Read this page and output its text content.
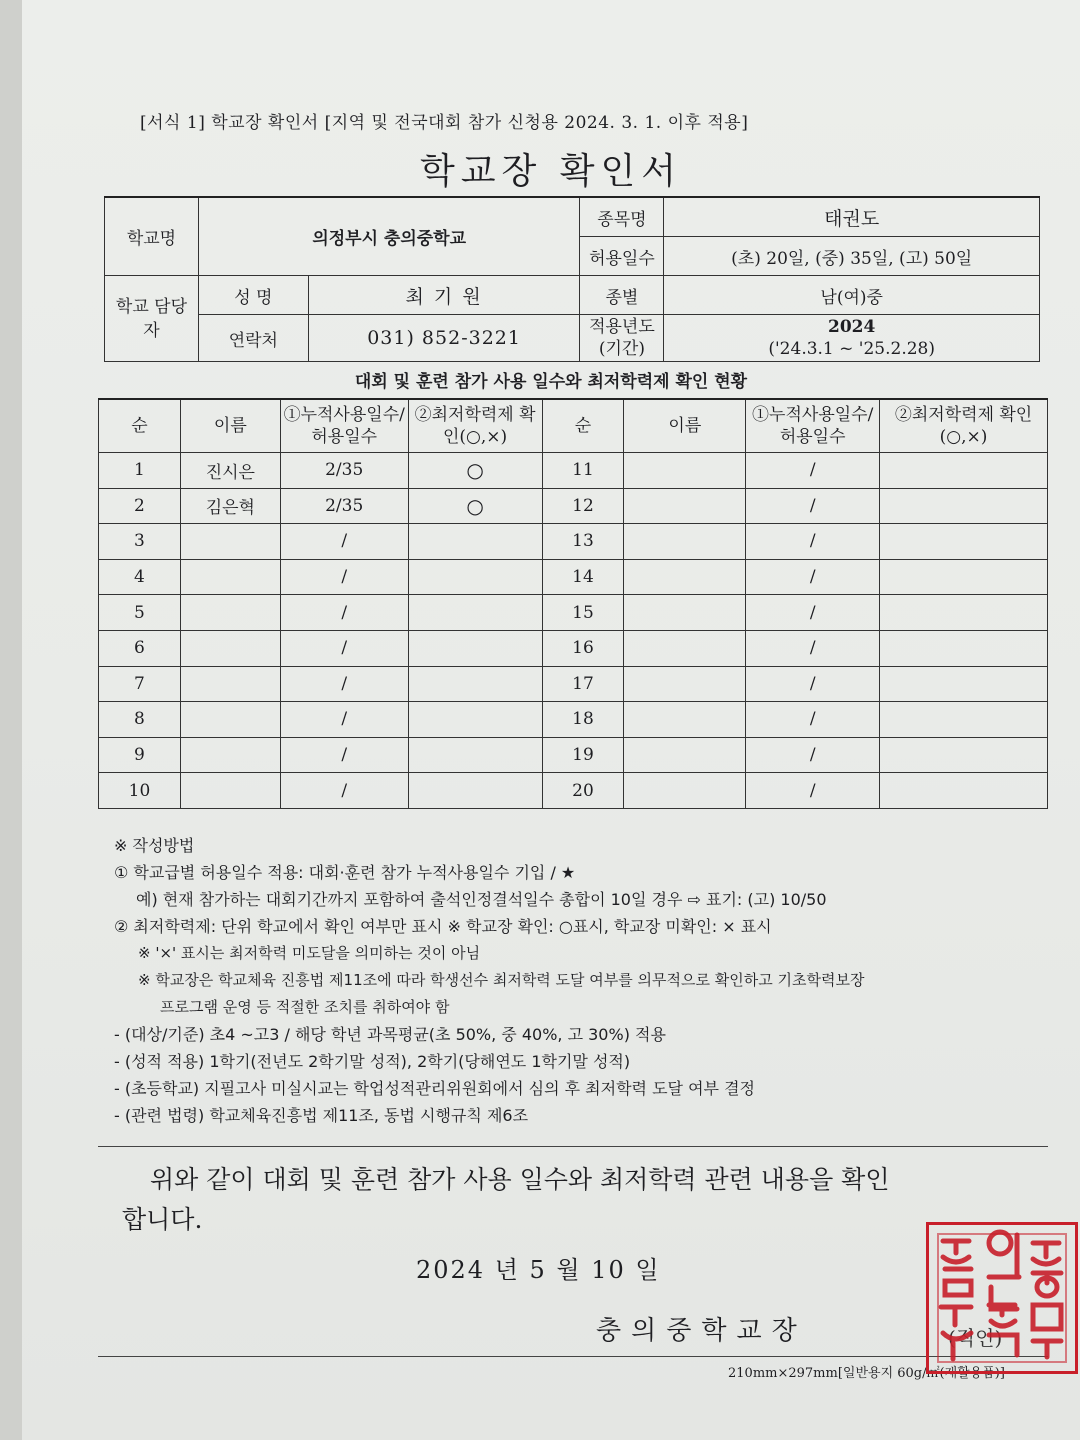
[서식 1] 학교장 확인서 [지역 및 전국대회 참가 신청용 2024. 3. 1. 이후 적용]
학교장 확인서
학교명	의정부시 충의중학교		종목명	태권도
			허용일수	(초) 20일, (중) 35일, (고) 50일
학교 담당자	성 명	최 기 원	종별	남(여)중
	연락처	031) 852-3221	적용년도 (기간)	2024
('24.3.1 ~ '25.2.28)
대회 및 훈련 참가 사용 일수와 최저학력제 확인 현황
순	이름	①누적사용일수/ 허용일수	②최저학력제 확인(○,×)	순	이름	①누적사용일수/ 허용일수	②최저학력제 확인(○,×)
1	진시은	2/35	○	11		/	
2	김은혁	2/35	○	12		/	
3		/		13		/	
4		/		14		/	
5		/		15		/	
6		/		16		/	
7		/		17		/	
8		/		18		/	
9		/		19		/	
10		/		20		/	
※ 작성방법
① 학교급별 허용일수 적용: 대회·훈련 참가 누적사용일수 기입 / ★
예) 현재 참가하는 대회기간까지 포함하여 출석인정결석일수 총합이 10일 경우 ⇨ 표기: (고) 10/50
② 최저학력제: 단위 학교에서 확인 여부만 표시 ※ 학교장 확인: ○표시, 학교장 미확인: × 표시
※ '×' 표시는 최저학력 미도달을 의미하는 것이 아님
※ 학교장은 학교체육 진흥법 제11조에 따라 학생선수 최저학력 도달 여부를 의무적으로 확인하고 기초학력보장
프로그램 운영 등 적절한 조치를 취하여야 함
- (대상/기준) 초4 ~고3 / 해당 학년 과목평균(초 50%, 중 40%, 고 30%) 적용
- (성적 적용) 1학기(전년도 2학기말 성적), 2학기(당해연도 1학기말 성적)
- (초등학교) 지필고사 미실시교는 학업성적관리위원회에서 심의 후 최저학력 도달 여부 결정
- (관련 법령) 학교체육진흥법 제11조, 동법 시행규칙 제6조
위와 같이 대회 및 훈련 참가 사용 일수와 최저학력 관련 내용을 확인
합니다.
2024 년 5 월 10 일
충의중학교장	(직인)
210mm×297mm[일반용지 60g/㎡(재활용품)]
